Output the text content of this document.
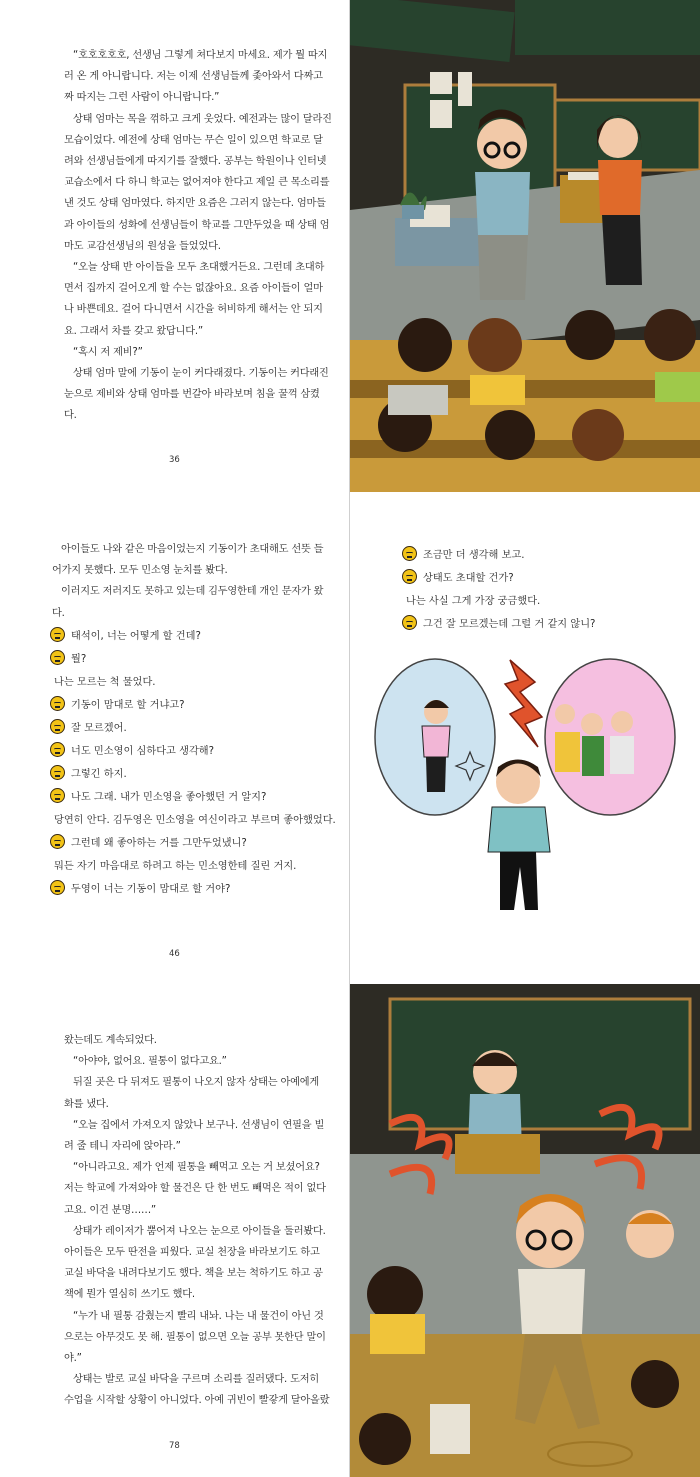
“호호호호호, 선생님 그렇게 쳐다보지 마세요. 제가 뭘 따지러 온 게 아니랍니다. 저는 이제 선생님들께 좇아와서 다짜고짜 따지는 그런 사람이 아니랍니다.”

상태 엄마는 목을 꺾하고 크게 웃었다. 예전과는 많이 달라진 모습이었다. 예전에 상태 엄마는 무슨 일이 있으면 학교로 달려와 선생님들에게 따지기를 잘했다. 공부는 학원이나 인터넷 교습소에서 다 하니 학교는 없어져야 한다고 제일 큰 목소리를 낸 것도 상태 엄마였다. 하지만 요즘은 그러지 않는다. 엄마들과 아이들의 성화에 선생님들이 학교를 그만두었을 때 상태 엄마도 교감선생님의 원성을 들었었다.

“오늘 상태 반 아이들을 모두 초대했거든요. 그런데 초대하면서 집까지 걸어오게 할 수는 없잖아요. 요즘 아이들이 얼마나 바쁜데요. 걸어 다니면서 시간을 허비하게 해서는 안 되지요. 그래서 차를 갖고 왔답니다.”

“혹시 저 제비?”

상태 엄마 말에 기동이 눈이 커다래졌다. 기동이는 커다래진 눈으로 제비와 상태 엄마를 번갈아 바라보며 침을 꿀꺽 삼켰다.

36

아이들도 나와 같은 마음이었는지 기동이가 초대해도 선뜻 들어가지 못했다. 모두 민소영 눈치를 봤다.

이러지도 저러지도 못하고 있는데 김두영한테 개인 문자가 왔다.

태석이, 너는 어떻게 할 건데?
뭘?
나는 모르는 척 물었다.
기동이 맘대로 할 거냐고?
잘 모르겠어.
너도 민소영이 심하다고 생각해?
그렇긴 하지.
나도 그래. 내가 민소영을 좋아했던 거 알지?
당연히 안다. 김두영은 민소영을 여신이라고 부르며 좋아했었다.
그런데 왜 좋아하는 거를 그만두었냈니?
뭐든 자기 마음대로 하려고 하는 민소영한테 질린 거지.
두영이 너는 기동이 맘대로 할 거야?
46
조금만 더 생각해 보고.
상태도 초대할 건가?
나는 사실 그게 가장 궁금했다.
그건 잘 모르겠는데 그럴 거 같지 않니?

왔는데도 계속되었다.

“아야야, 없어요. 필통이 없다고요.”

뒤질 곳은 다 뒤져도 필통이 나오지 않자 상태는 아예에게 화를 냈다.

“오늘 집에서 가져오지 않았나 보구나. 선생님이 연필을 빌려 줄 테니 자리에 앉아라.”

“아니라고요. 제가 언제 필통을 빼먹고 오는 거 보셨어요? 저는 학교에 가져와야 할 물건은 단 한 번도 빼먹은 적이 없다고요. 이건 분명……”

상태가 레이저가 뿜어져 나오는 눈으로 아이들을 둘러봤다. 아이들은 모두 딴전을 피웠다. 교실 천장을 바라보기도 하고 교실 바닥을 내려다보기도 했다. 책을 보는 척하기도 하고 공책에 뭔가 열심히 쓰기도 했다.

“누가 내 필통 감췄는지 빨리 내놔. 나는 내 물건이 아닌 것으로는 아무것도 못 해. 필통이 없으면 오늘 공부 못한단 말이야.”

상태는 발로 교실 바닥을 구르며 소리를 질러댔다. 도저히 수업을 시작할 상황이 아니었다. 아예 귀빈이 빨갛게 달아올랐

78
